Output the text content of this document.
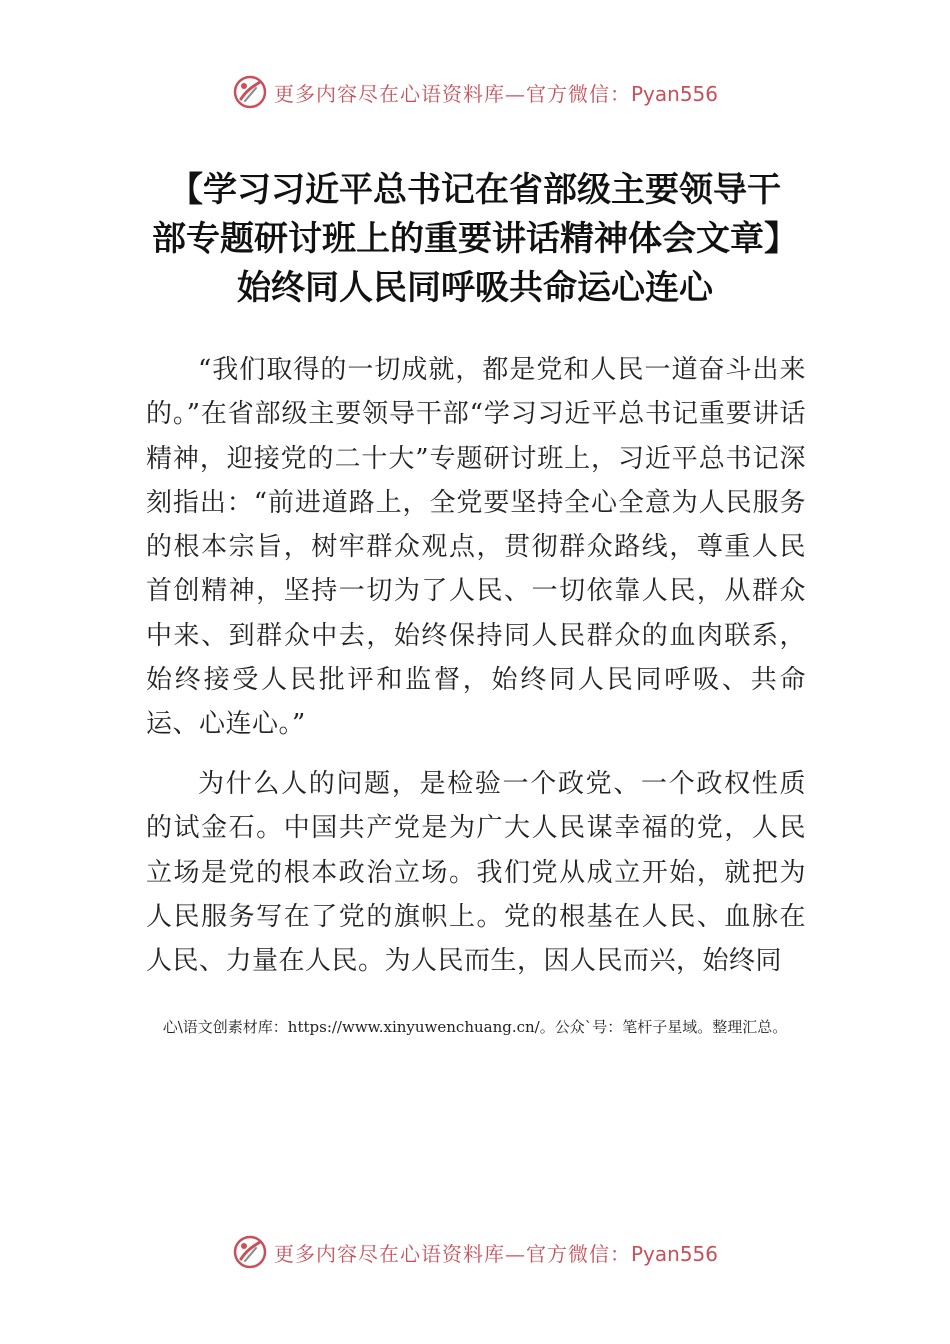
更多内容尽在心语资料库—官方微信：Pyan556
【学习习近平总书记在省部级主要领导干
部专题研讨班上的重要讲话精神体会文章】
始终同人民同呼吸共命运心连心

“我们取得的一切成就，都是党和人民一道奋斗出来的。”在省部级主要领导干部“学习习近平总书记重要讲话精神，迎接党的二十大”专题研讨班上，习近平总书记深刻指出：“前进道路上，全党要坚持全心全意为人民服务的根本宗旨，树牢群众观点，贯彻群众路线，尊重人民首创精神，坚持一切为了人民、一切依靠人民，从群众中来、到群众中去，始终保持同人民群众的血肉联系，始终接受人民批评和监督，始终同人民同呼吸、共命运、心连心。”

为什么人的问题，是检验一个政党、一个政权性质的试金石。中国共产党是为广大人民谋幸福的党，人民立场是党的根本政治立场。我们党从成立开始，就把为人民服务写在了党的旗帜上。党的根基在人民、血脉在人民、力量在人民。为人民而生，因人民而兴，始终同

心\语文创素材库：https://www.xinyuwenchuang.cn/。公众`号：笔杆子星域。整理汇总。
更多内容尽在心语资料库—官方微信：Pyan556
